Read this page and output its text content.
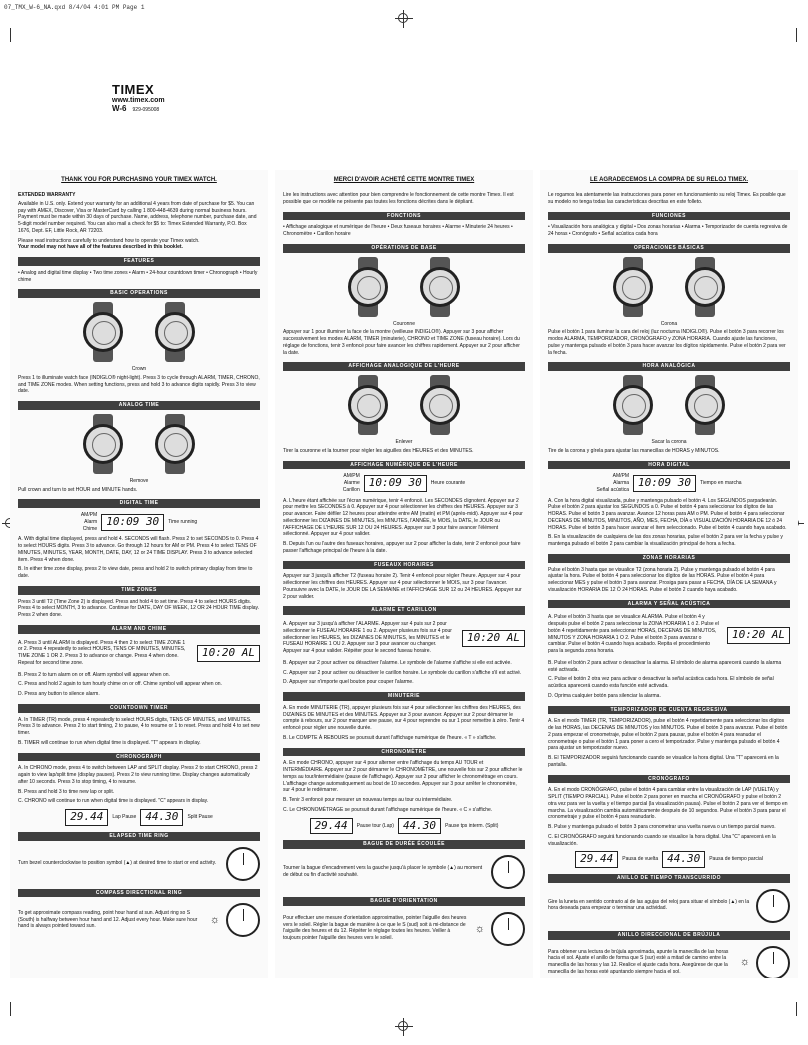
07_TMX_W-6_NA.qxd 8/4/04 4:01 PM Page 1
TIMEX
www.timex.com
W-6 929-095008
THANK YOU FOR PURCHASING YOUR TIMEX WATCH.

EXTENDED WARRANTY

Available in U.S. only. Extend your warranty for an additional 4 years from date of purchase for $5. You can pay with AMEX, Discover, Visa or MasterCard by calling 1 800-448-4639 during normal business hours. Payment must be made within 30 days of purchase. Name, address, telephone number, purchase date, and 5-digit model number required. You can also mail a check for $5 to: Timex Extended Warranty, P.O. Box 1676, Dept. EF, Little Rock, AR 72203.

Please read instructions carefully to understand how to operate your Timex watch.

Your model may not have all of the features described in this booklet.

FEATURES

• Analog and digital time display • Two time zones • Alarm • 24-hour countdown timer • Chronograph • Hourly chime

BASIC OPERATIONS
Crown

Press 1 to illuminate watch face (INDIGLO® night-light). Press 3 to cycle through ALARM, TIMER, CHRONO, and TIME ZONE modes. When setting functions, press and hold 3 to advance digits rapidly. Press 3 to view date.

ANALOG TIME
Remove

Pull crown and turn to set HOUR and MINUTE hands.

DIGITAL TIME
AM/PM
Alarm
Chime
10:09 30	Time running

A. With digital time displayed, press and hold 4. SECONDS will flash. Press 2 to set SECONDS to 0. Press 4 to select HOURS digits. Press 3 to advance. Go through 12 hours for AM or PM. Press 4 to select TENS OF MINUTES, MINUTES, YEAR, MONTH, DATE, DAY, 12 or 24 TIME DISPLAY. Press 3 to advance selected item. Press 4 when done.

B. In either time zone display, press 2 to view date, press and hold 2 to switch primary display from time to date.

TIME ZONES

Press 3 until T2 (Time Zone 2) is displayed. Press and hold 4 to set time. Press 4 to select HOURS digits. Press 4 to select MONTH, 3 to advance. Continue for DATE, DAY OF WEEK, 12 OR 24 HOUR TIME display. Press 2 when done.

ALARM AND CHIME

A. Press 3 until ALARM is displayed. Press 4 then 2 to select TIME ZONE 1 or 2. Press 4 repeatedly to select HOURS, TENS OF MINUTES, MINUTES, TIME ZONE 1 OR 2. Press 3 to advance or change. Press 4 when done. Repeat for second time zone.

10:20 AL

B. Press 2 to turn alarm on or off. Alarm symbol will appear when on.

C. Press and hold 2 again to turn hourly chime on or off. Chime symbol will appear when on.

D. Press any button to silence alarm.

COUNTDOWN TIMER

A. In TIMER (TR) mode, press 4 repeatedly to select HOURS digits, TENS OF MINUTES, and MINUTES. Press 3 to advance. Press 2 to start timing, 2 to pause, 4 to resume or 1 to reset. Press and hold 4 to set new timer.

B. TIMER will continue to run when digital time is displayed. "T" appears in display.

CHRONOGRAPH

A. In CHRONO mode, press 4 to switch between LAP and SPLIT display. Press 2 to start CHRONO, press 2 again to view lap/split time (display pauses). Press 2 to view running time. Display changes automatically after 10 seconds. Press 3 to stop timing, 4 to resume.

B. Press and hold 3 to time new lap or split.

C. CHRONO will continue to run when digital time is displayed. "C" appears in display.

29.44	Lap Pause 44.30	Split Pause
ELAPSED TIME RING

Turn bezel counterclockwise to position symbol (▲) at desired time to start or end activity.

COMPASS DIRECTIONAL RING

To get approximate compass reading, point hour hand at sun. Adjust ring so S (South) is halfway between hour hand and 12. Adjust every hour. Make sure hour hand is always pointed toward sun.

☼
MERCI D'AVOIR ACHETÉ CETTE MONTRE TIMEX

Lire les instructions avec attention pour bien comprendre le fonctionnement de cette montre Timex. Il est possible que ce modèle ne présente pas toutes les fonctions décrites dans le dépliant.

FONCTIONS

• Affichage analogique et numérique de l'heure • Deux fuseaux horaires • Alarme • Minuterie 24 heures • Chronomètre • Carillon horaire

OPÉRATIONS DE BASE
Couronne

Appuyer sur 1 pour illuminer la face de la montre (veilleuse INDIGLO®). Appuyer sur 3 pour afficher successivement les modes ALARM, TIMER (minuterie), CHRONO et TIME ZONE (fuseau horaire). Lors du réglage de fonctions, tenir 3 enfoncé pour faire avancer les chiffres rapidement. Appuyer sur 2 pour afficher la date.

AFFICHAGE ANALOGIQUE DE L'HEURE
Enlever

Tirer la couronne et la tourner pour régler les aiguilles des HEURES et des MINUTES.

AFFICHAGE NUMÉRIQUE DE L'HEURE
AM/PM
Alarme
Carillon
10:09 30	Heure courante

A. L'heure étant affichée sur l'écran numérique, tenir 4 enfoncé. Les SECONDES clignotent. Appuyer sur 2 pour mettre les SECONDES à 0. Appuyer sur 4 pour sélectionner les chiffres des HEURES. Appuyer sur 3 pour avancer. Faire défiler 12 heures pour atteindre entre AM (matin) et PM (après-midi). Appuyer sur 4 pour sélectionner les DIZAINES DE MINUTES, les MINUTES, l'ANNÉE, le MOIS, la DATE, le JOUR ou l'AFFICHAGE DE L'HEURE SUR 12 OU 24 HEURES. Appuyer sur 3 pour faire avancer l'élément sélectionné. Appuyer sur 4 pour valider.

B. Depuis l'un ou l'autre des fuseaux horaires, appuyer sur 2 pour afficher la date, tenir 2 enfoncé pour faire passer l'affichage principal de l'heure à la date.

FUSEAUX HORAIRES

Appuyer sur 3 jusqu'à afficher T2 (fuseau horaire 2). Tenir 4 enfoncé pour régler l'heure. Appuyer sur 4 pour sélectionner les chiffres des HEURES. Appuyer sur 4 pour sélectionner le MOIS, sur 3 pour l'avancer. Poursuivre avec la DATE, le JOUR DE LA SEMAINE et l'AFFICHAGE SUR 12 ou 24 HEURES. Appuyer sur 2 pour valider.

ALARME ET CARILLON

A. Appuyer sur 3 jusqu'à afficher l'ALARME. Appuyer sur 4 puis sur 2 pour sélectionner le FUSEAU HORAIRE 1 ou 2. Appuyer plusieurs fois sur 4 pour sélectionner les HEURES, les DIZAINES DE MINUTES, les MINUTES et le FUSEAU HORAIRE 1 OU 2. Appuyer sur 3 pour avancer ou changer. Appuyer sur 4 pour valider. Répéter pour le second fuseau horaire.

10:20 AL

B. Appuyer sur 2 pour activer ou désactiver l'alarme. Le symbole de l'alarme s'affiche si elle est activée.

C. Appuyer sur 2 pour activer ou désactiver le carillon horaire. Le symbole du carillon s'affiche s'il est activé.

D. Appuyer sur n'importe quel bouton pour couper l'alarme.

MINUTERIE

A. En mode MINUTERIE (TR), appuyer plusieurs fois sur 4 pour sélectionner les chiffres des HEURES, des DIZAINES DE MINUTES et des MINUTES. Appuyer sur 3 pour avancer. Appuyer sur 2 pour démarrer le compte à rebours, sur 2 pour marquer une pause, sur 4 pour reprendre ou sur 1 pour remettre à zéro. Tenir 4 enfoncé pour régler une nouvelle durée.

B. Le COMPTE À REBOURS se poursuit durant l'affichage numérique de l'heure. « T » s'affiche.

CHRONOMÈTRE

A. En mode CHRONO, appuyer sur 4 pour alterner entre l'affichage du temps AU TOUR et INTERMÉDIAIRE. Appuyer sur 2 pour démarrer le CHRONOMÈTRE, une nouvelle fois sur 2 pour afficher le temps au tour/intermédiaire (pause de l'affichage). Appuyer sur 2 pour afficher le chronométrage en cours. L'affichage change automatiquement au bout de 10 secondes. Appuyer sur 3 pour arrêter le chronomètre, sur 4 pour le redémarrer.

B. Tenir 3 enfoncé pour mesurer un nouveau temps au tour ou intermédiaire.

C. Le CHRONOMÈTRAGE se poursuit durant l'affichage numérique de l'heure. « C » s'affiche.

29.44	Pause tour (Lap) 44.30	Pause tps interm. (Split)
BAGUE DE DURÉE ÉCOULÉE

Tourner la bague d'encadrement vers la gauche jusqu'à placer le symbole (▲) au moment de début ou fin d'activité souhaité.

BAGUE D'ORIENTATION

Pour effectuer une mesure d'orientation approximative, pointer l'aiguille des heures vers le soleil. Régler la bague de manière à ce que le S (sud) soit à mi-distance de l'aiguille des heures et du 12. Répéter le réglage toutes les heures. Veiller à toujours pointer l'aiguille des heures vers le soleil.

☼
LE AGRADECEMOS LA COMPRA DE SU RELOJ TIMEX.

Le rogamos lea atentamente las instrucciones para poner en funcionamiento su reloj Timex. Es posible que su modelo no tenga todas las características descritas en este folleto.

FUNCIONES

• Visualización hora analógica y digital • Dos zonas horarias • Alarma • Temporizador de cuenta regresiva de 24 horas • Cronógrafo • Señal acústica cada hora

OPERACIONES BÁSICAS
Corona

Pulse el botón 1 para iluminar la cara del reloj (luz nocturna INDIGLO®). Pulse el botón 3 para recorrer los modos ALARMA, TEMPORIZADOR, CRONÓGRAFO y ZONA HORARIA. Cuando ajuste las funciones, pulse y mantenga pulsado el botón 3 para hacer avanzar los dígitos rápidamente. Pulse el botón 2 para ver la fecha.

HORA ANALÓGICA
Sacar la corona

Tire de la corona y gírela para ajustar las manecillas de HORAS y MINUTOS.

HORA DIGITAL
AM/PM
Alarma
Señal acústica
10:09 30	Tiempo en marcha

A. Con la hora digital visualizada, pulse y mantenga pulsado el botón 4. Los SEGUNDOS parpadearán. Pulse el botón 2 para ajustar los SEGUNDOS a 0. Pulse el botón 4 para seleccionar los dígitos de las HORAS. Pulse el botón 3 para avanzar. Avance 12 horas para AM o PM. Pulse el botón 4 para seleccionar DECENAS DE MINUTOS, MINUTOS, AÑO, MES, FECHA, DÍA o VISUALIZACIÓN HORARIA DE 12 ó 24 HORAS. Pulse el botón 3 para hacer avanzar el ítem seleccionado. Pulse el botón 4 cuando haya acabado.

B. En la visualización de cualquiera de las dos zonas horarias, pulse el botón 2 para ver la fecha y pulse y mantenga pulsado el botón 2 para cambiar la visualización principal de hora a fecha.

ZONAS HORARIAS

Pulse el botón 3 hasta que se visualice T2 (zona horaria 2). Pulse y mantenga pulsado el botón 4 para ajustar la hora. Pulse el botón 4 para seleccionar los dígitos de las HORAS. Pulse el botón 4 para seleccionar MES y pulse el botón 3 para avanzar. Prosiga para pasar a FECHA, DÍA DE LA SEMANA y visualización HORARIA DE 12 Ó 24 HORAS. Pulse el botón 2 cuando haya acabado.

ALARMA Y SEÑAL ACÚSTICA

A. Pulse el botón 3 hasta que se visualice ALARMA. Pulse el botón 4 y después pulse el botón 2 para seleccionar la ZONA HORARIA 1 ó 2. Pulse el botón 4 repetidamente para seleccionar HORAS, DECENAS DE MINUTOS, MINUTOS Y ZONA HORARIA 1 O 2. Pulse el botón 3 para avanzar o cambiar. Pulse el botón 4 cuando haya acabado. Repita el procedimiento para la segunda zona horaria.

10:20 AL

B. Pulse el botón 2 para activar o desactivar la alarma. El símbolo de alarma aparecerá cuando la alarma esté activada.

C. Pulse el botón 2 otra vez para activar o desactivar la señal acústica cada hora. El símbolo de señal acústica aparecerá cuando esta función esté activada.

D. Oprima cualquier botón para silenciar la alarma.

TEMPORIZADOR DE CUENTA REGRESIVA

A. En el modo TIMER (TR, TEMPORIZADOR), pulse el botón 4 repetidamente para seleccionar los dígitos de las HORAS, las DECENAS DE MINUTOS y los MINUTOS. Pulse el botón 3 para avanzar. Pulse el botón 2 para empezar el cronometraje, pulse el botón 2 para pausar, pulse el botón 4 para reanudar el cronometraje o pulse el botón 1 para poner a cero el temporizador. Pulse y mantenga pulsado el botón 4 para ajustar un temporizador nuevo.

B. El TEMPORIZADOR seguirá funcionando cuando se visualice la hora digital. Una "T" aparecerá en la pantalla.

CRONÓGRAFO

A. En el modo CRONÓGRAFO, pulse el botón 4 para cambiar entre la visualización de LAP (VUELTA) y SPLIT (TIEMPO PARCIAL). Pulse el botón 2 para poner en marcha el CRONÓGRAFO y pulse el botón 2 otra vez para ver la vuelta y el tiempo parcial (la visualización pausa). Pulse el botón 2 para ver el tiempo en marcha. La visualización cambia automáticamente después de 10 segundos. Pulse el botón 3 para parar el cronometraje y pulse el botón 4 para reanudarlo.

B. Pulse y mantenga pulsado el botón 3 para cronometrar una vuelta nueva o un tiempo parcial nuevo.

C. El CRONÓGRAFO seguirá funcionando cuando se visualice la hora digital. Una "C" aparecerá en la visualización.

29.44	Pausa de vuelta 44.30	Pausa de tiempo parcial
ANILLO DE TIEMPO TRANSCURRIDO

Gire la luneta en sentido contrario al de las agujas del reloj para situar el símbolo (▲) en la hora deseada para empezar o terminar una actividad.

ANILLO DIRECCIONAL DE BRÚJULA

Para obtener una lectura de brújula aproximada, apunte la manecilla de las horas hacia el sol. Ajuste el anillo de forma que S (sur) esté a mitad de camino entre la manecilla de las horas y las 12. Realice el ajuste cada hora. Asegúrese de que la manecilla de las horas esté apuntando siempre hacia el sol.

☼
